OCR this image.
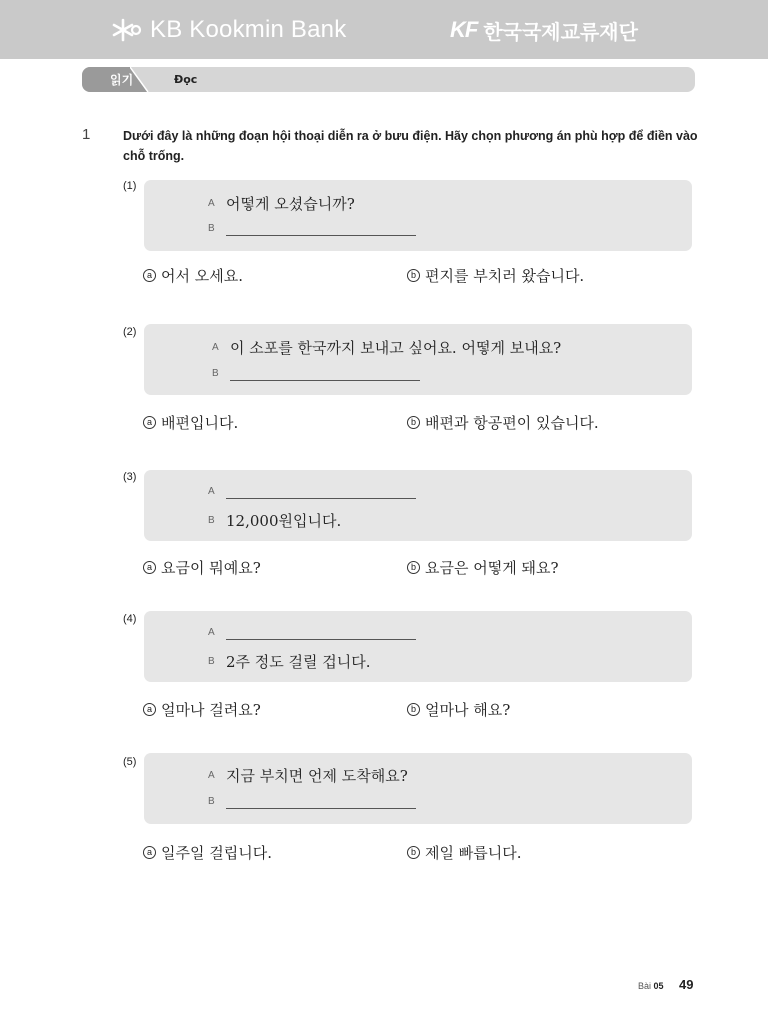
KB Kookmin Bank	KF 한국국제교류재단
읽기	Đọc
1	Dưới đây là những đoạn hội thoại diễn ra ở bưu điện. Hãy chọn phương án phù hợp để điền vào chỗ trống.
(1)
A 어떻게 오셨습니까?
B
a 어서 오세요.	b 편지를 부치러 왔습니다.
(2)
A 이 소포를 한국까지 보내고 싶어요. 어떻게 보내요?
B
a 배편입니다.	b 배편과 항공편이 있습니다.
(3)
A
B 12,000원입니다.
a 요금이 뭐예요?	b 요금은 어떻게 돼요?
(4)
A
B 2주 정도 걸릴 겁니다.
a 얼마나 걸려요?	b 얼마나 해요?
(5)
A 지금 부치면 언제 도착해요?
B
a 일주일 걸립니다.	b 제일 빠릅니다.
Bài 05 49
